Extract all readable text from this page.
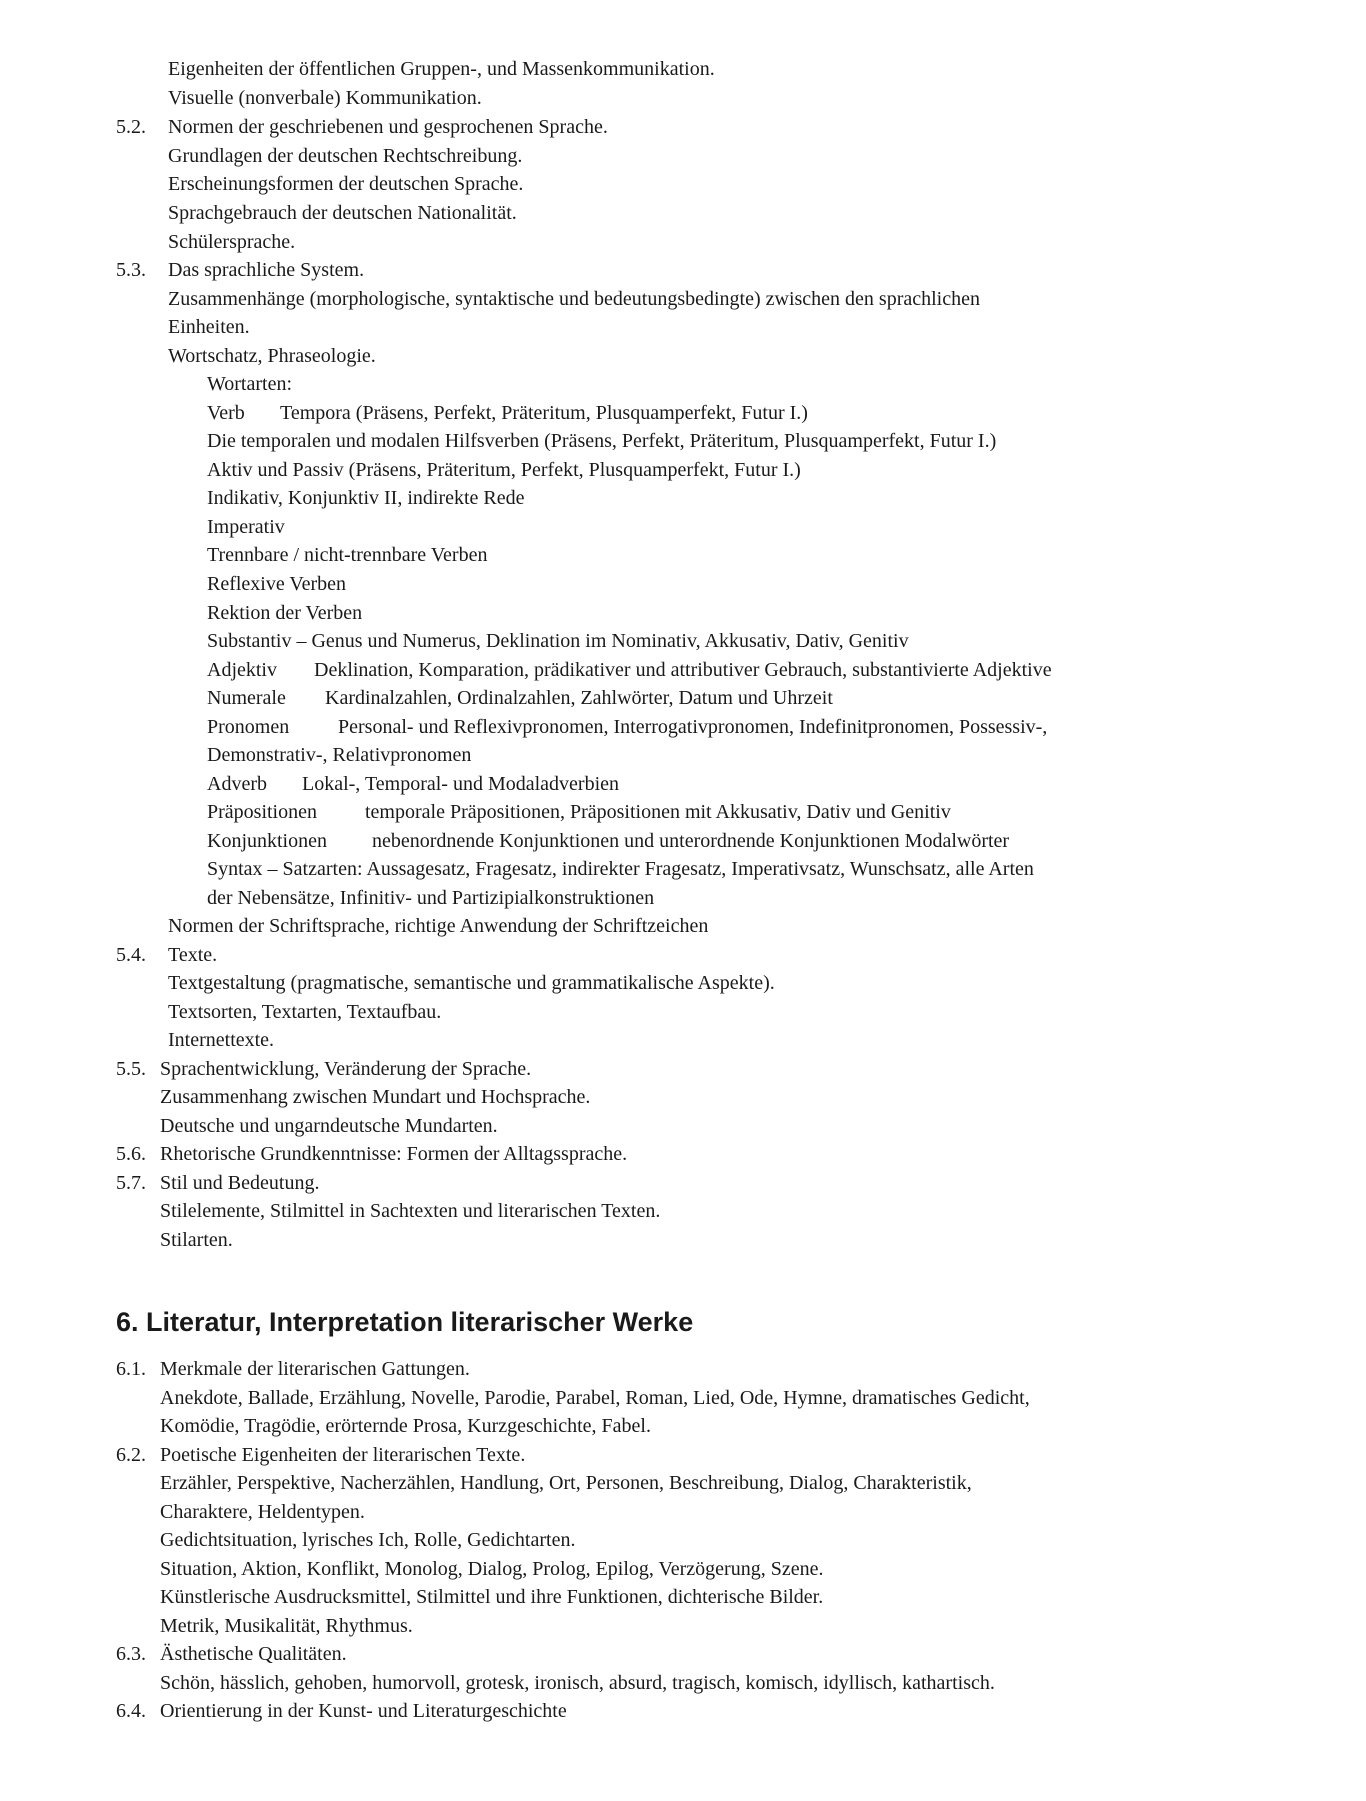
Eigenheiten der öffentlichen Gruppen-, und Massenkommunikation.
Visuelle (nonverbale) Kommunikation.
5.2. Normen der geschriebenen und gesprochenen Sprache.
Grundlagen der deutschen Rechtschreibung.
Erscheinungsformen der deutschen Sprache.
Sprachgebrauch der deutschen Nationalität.
Schülersprache.
5.3. Das sprachliche System.
Zusammenhänge (morphologische, syntaktische und bedeutungsbedingte) zwischen den sprachlichen
Einheiten.
Wortschatz, Phraseologie.
Wortarten:
Verb Tempora (Präsens, Perfekt, Präteritum, Plusquamperfekt, Futur I.)
Die temporalen und modalen Hilfsverben (Präsens, Perfekt, Präteritum, Plusquamperfekt, Futur I.)
Aktiv und Passiv (Präsens, Präteritum, Perfekt, Plusquamperfekt, Futur I.)
Indikativ, Konjunktiv II, indirekte Rede
Imperativ
Trennbare / nicht-trennbare Verben
Reflexive Verben
Rektion der Verben
Substantiv – Genus und Numerus, Deklination im Nominativ, Akkusativ, Dativ, Genitiv
Adjektiv Deklination, Komparation, prädikativer und attributiver Gebrauch, substantivierte Adjektive
Numerale Kardinalzahlen, Ordinalzahlen, Zahlwörter, Datum und Uhrzeit
Pronomen Personal- und Reflexivpronomen, Interrogativpronomen, Indefinitpronomen, Possessiv-,
Demonstrativ-, Relativpronomen
Adverb Lokal-, Temporal- und Modaladverbien
Präpositionen temporale Präpositionen, Präpositionen mit Akkusativ, Dativ und Genitiv
Konjunktionen nebenordnende Konjunktionen und unterordnende Konjunktionen Modalwörter
Syntax – Satzarten: Aussagesatz, Fragesatz, indirekter Fragesatz, Imperativsatz, Wunschsatz, alle Arten
der Nebensätze, Infinitiv- und Partizipialkonstruktionen
Normen der Schriftsprache, richtige Anwendung der Schriftzeichen
5.4. Texte.
Textgestaltung (pragmatische, semantische und grammatikalische Aspekte).
Textsorten, Textarten, Textaufbau.
Internettexte.
5.5. Sprachentwicklung, Veränderung der Sprache.
Zusammenhang zwischen Mundart und Hochsprache.
Deutsche und ungarndeutsche Mundarten.
5.6. Rhetorische Grundkenntnisse: Formen der Alltagssprache.
5.7. Stil und Bedeutung.
Stilelemente, Stilmittel in Sachtexten und literarischen Texten.
Stilarten.
6. Literatur, Interpretation literarischer Werke
6.1. Merkmale der literarischen Gattungen.
Anekdote, Ballade, Erzählung, Novelle, Parodie, Parabel, Roman, Lied, Ode, Hymne, dramatisches Gedicht,
Komödie, Tragödie, erörternde Prosa, Kurzgeschichte, Fabel.
6.2. Poetische Eigenheiten der literarischen Texte.
Erzähler, Perspektive, Nacherzählen, Handlung, Ort, Personen, Beschreibung, Dialog, Charakteristik,
Charaktere, Heldentypen.
Gedichtsituation, lyrisches Ich, Rolle, Gedichtarten.
Situation, Aktion, Konflikt, Monolog, Dialog, Prolog, Epilog, Verzögerung, Szene.
Künstlerische Ausdrucksmittel, Stilmittel und ihre Funktionen, dichterische Bilder.
Metrik, Musikalität, Rhythmus.
6.3. Ästhetische Qualitäten.
Schön, hässlich, gehoben, humorvoll, grotesk, ironisch, absurd, tragisch, komisch, idyllisch, kathartisch.
6.4. Orientierung in der Kunst- und Literaturgeschichte
